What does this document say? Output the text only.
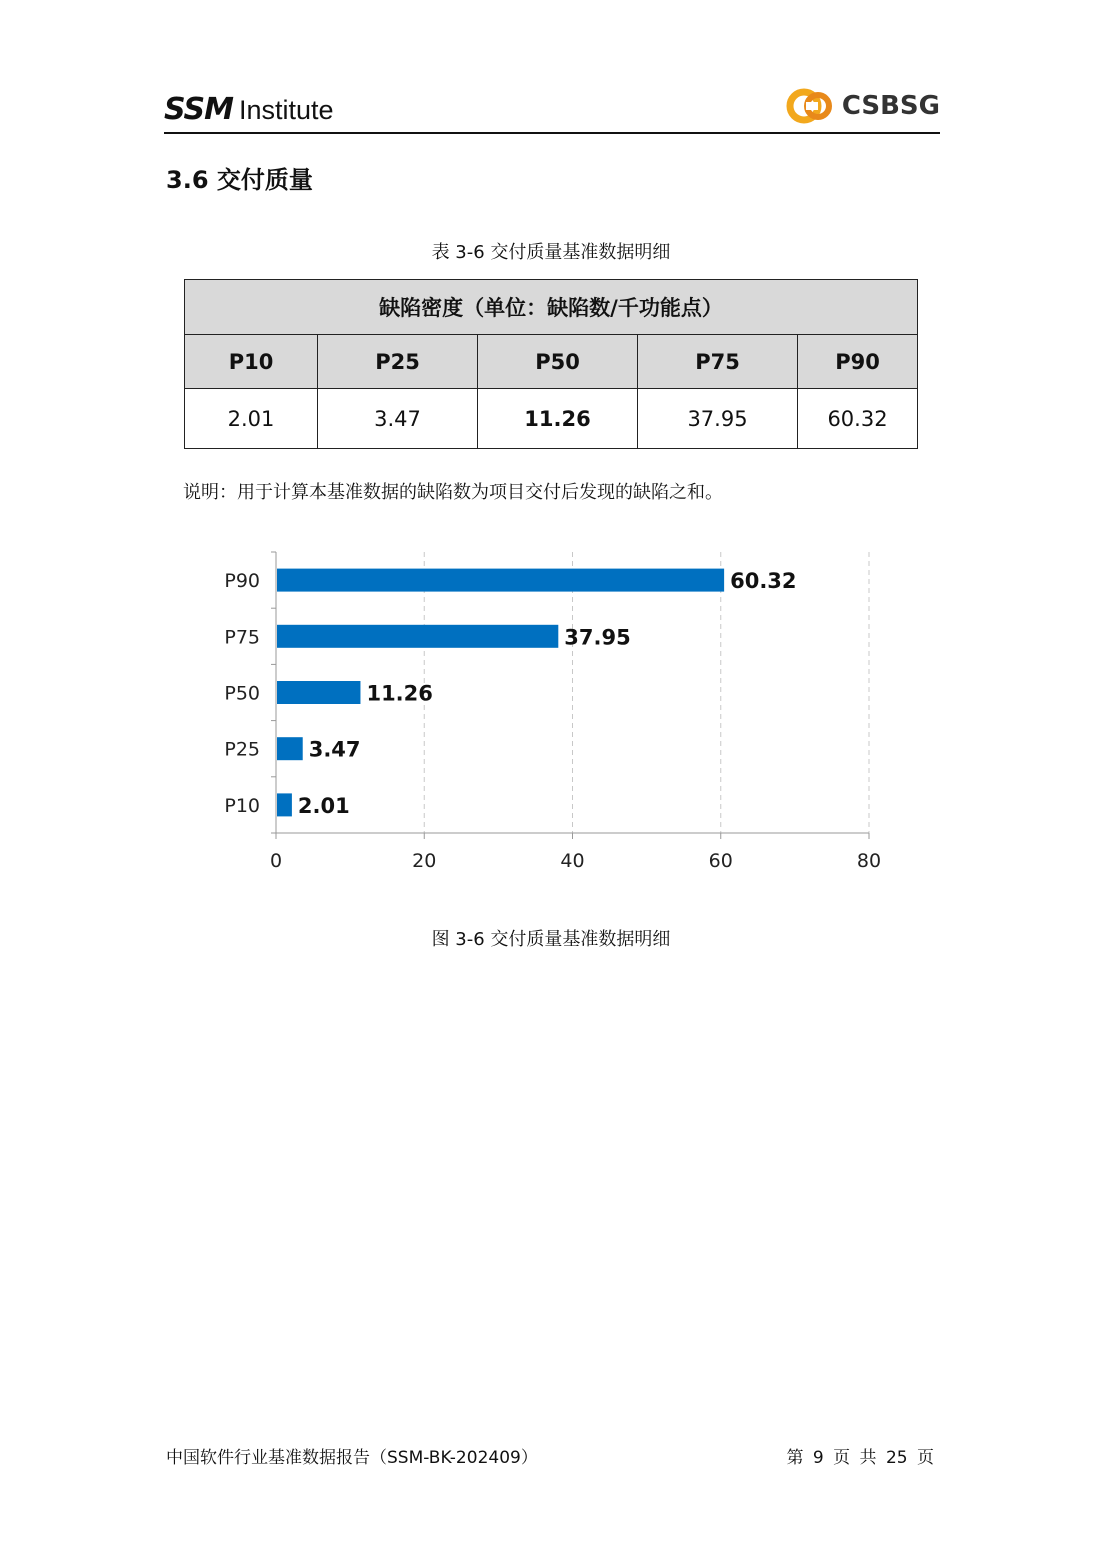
SSM Institute	CSBSG
3.6 交付质量
表 3-6 交付质量基准数据明细
缺陷密度（单位：缺陷数/千功能点）				
P10	P25	P50	P75	P90
2.01	3.47	11.26	37.95	60.32
说明：用于计算本基准数据的缺陷数为项目交付后发现的缺陷之和。
0	20	40	60	80
P90	60.32
P75	37.95
P50	11.26
P25 3.47
P10 2.01
图 3-6 交付质量基准数据明细
中国软件行业基准数据报告（SSM-BK-202409）	第 9 页 共 25 页
